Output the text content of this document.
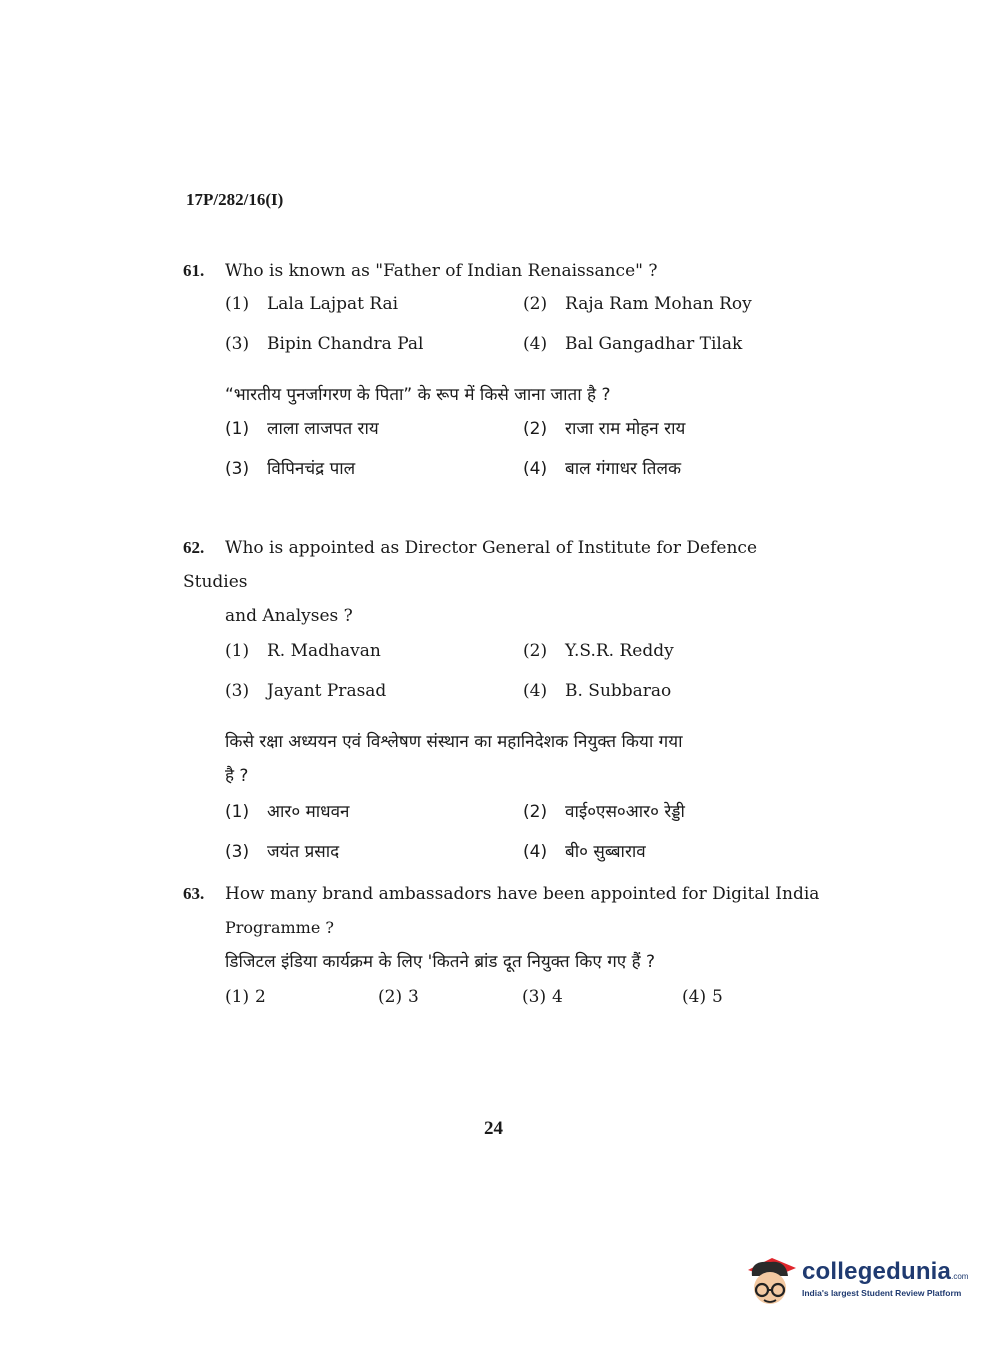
17P/282/16(I)
61. Who is known as "Father of Indian Renaissance" ?
(1) Lala Lajpat Rai	(2) Raja Ram Mohan Roy
(3) Bipin Chandra Pal	(4) Bal Gangadhar Tilak
“भारतीय पुनर्जागरण के पिता” के रूप में किसे जाना जाता है ?
(1) लाला लाजपत राय	(2) राजा राम मोहन राय
(3) विपिनचंद्र पाल	(4) बाल गंगाधर तिलक
62. Who is appointed as Director General of Institute for Defence Studies
and Analyses ?
(1) R. Madhavan	(2) Y.S.R. Reddy
(3) Jayant Prasad	(4) B. Subbarao
किसे रक्षा अध्ययन एवं विश्लेषण संस्थान का महानिदेशक नियुक्त किया गया
है ?
(1) आर० माधवन	(2) वाई०एस०आर० रेड्डी
(3) जयंत प्रसाद	(4) बी० सुब्बाराव
63. How many brand ambassadors have been appointed for Digital India
Programme ?
डिजिटल इंडिया कार्यक्रम के लिए 'कितने ब्रांड दूत नियुक्त किए गए हैं ?
(1) 2	(2) 3	(3) 4	(4) 5
24
collegedunia.com
India's largest Student Review Platform
